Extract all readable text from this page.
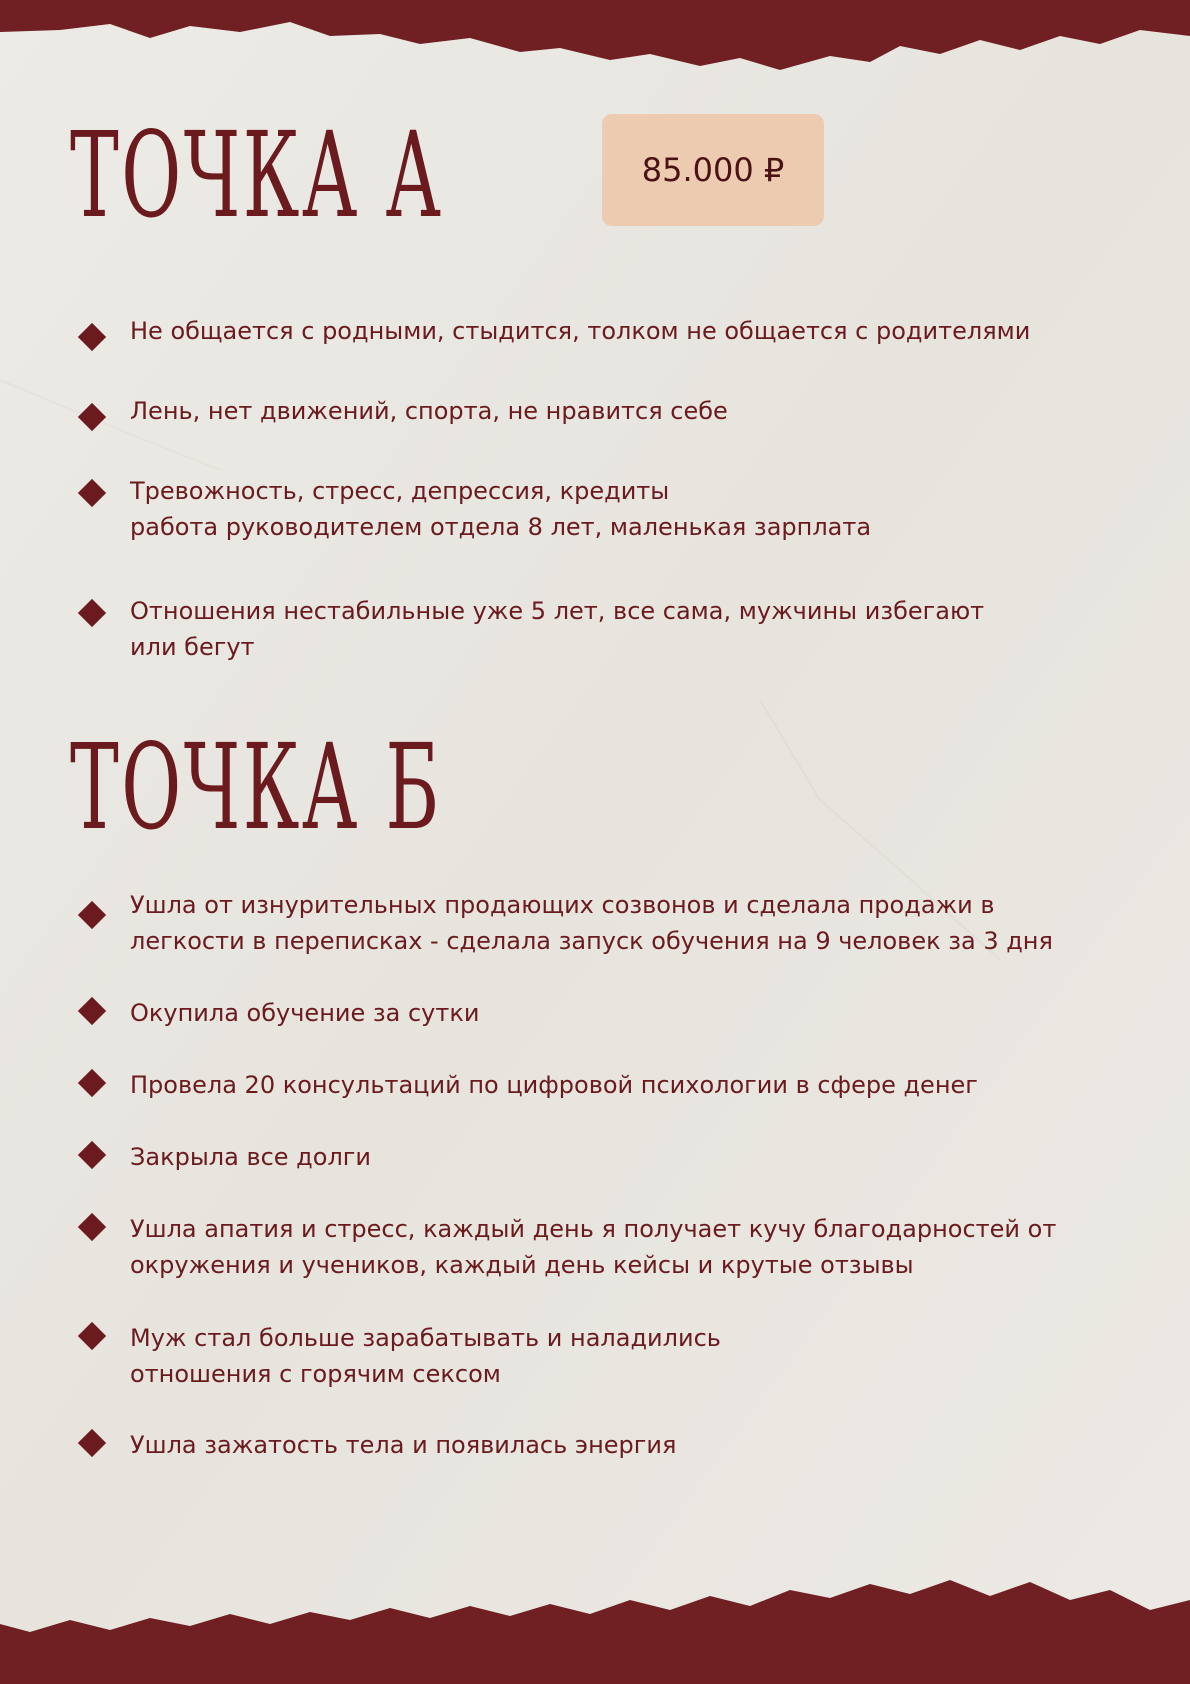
ТОЧКА А	85.000 ₽
Не общается с родными, стыдится, толком не общается с родителями
Лень, нет движений, спорта, не нравится себе
Тревожность, стресс, депрессия, кредиты
работа руководителем отдела 8 лет, маленькая зарплата
Отношения нестабильные уже 5 лет, все сама, мужчины избегают
или бегут
ТОЧКА Б
Ушла от изнурительных продающих созвонов и сделала продажи в
легкости в переписках - сделала запуск обучения на 9 человек за 3 дня
Окупила обучение за сутки
Провела 20 консультаций по цифровой психологии в сфере денег
Закрыла все долги
Ушла апатия и стресс, каждый день я получает кучу благодарностей от
окружения и учеников, каждый день кейсы и крутые отзывы
Муж стал больше зарабатывать и наладились
отношения с горячим сексом
Ушла зажатость тела и появилась энергия
